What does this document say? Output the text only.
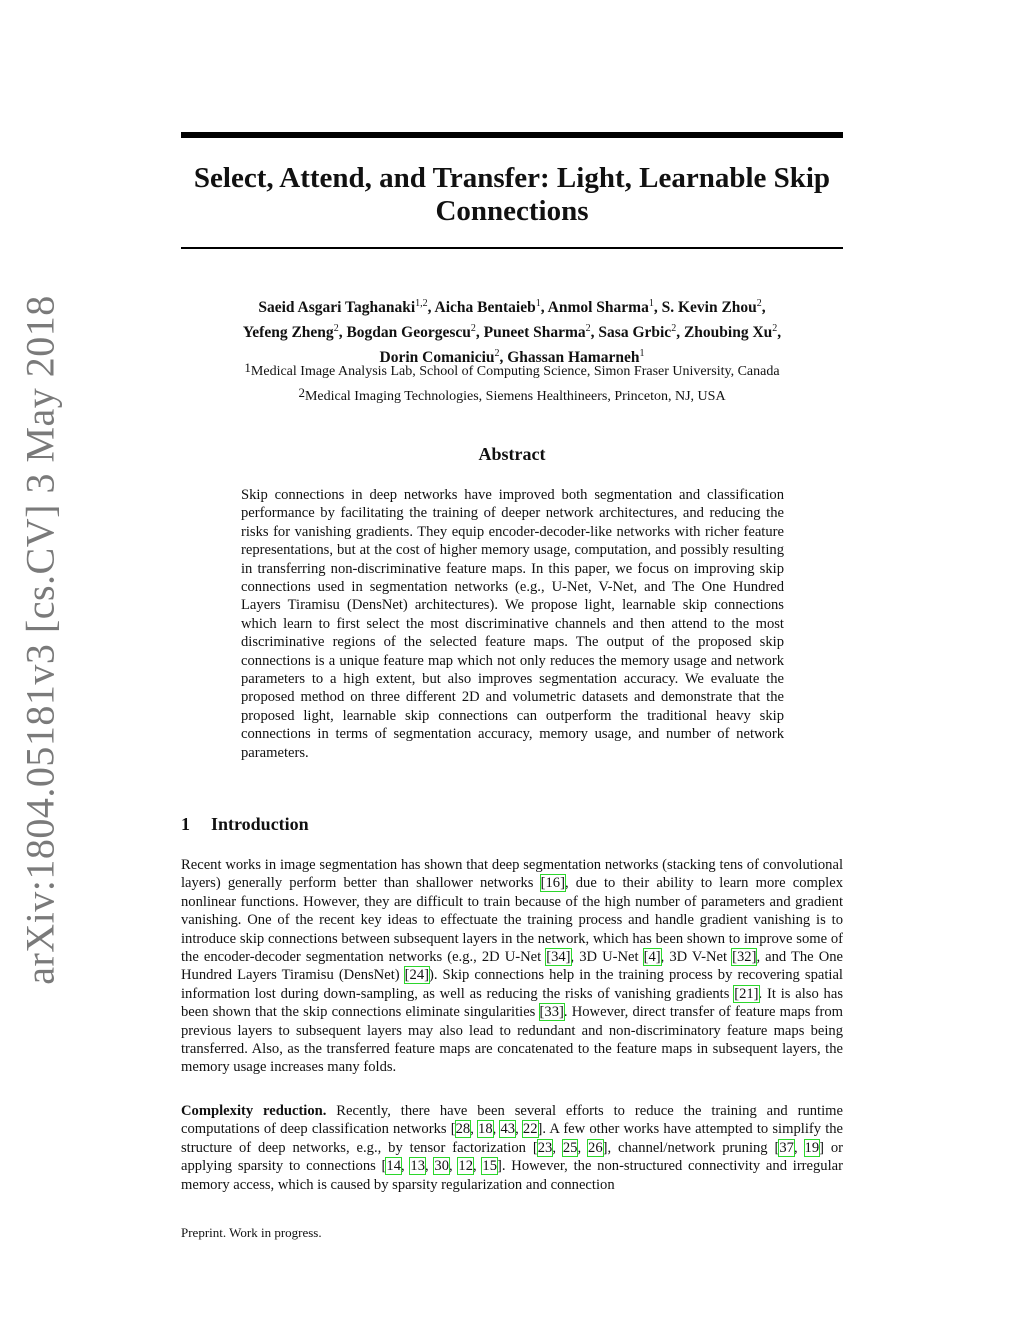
arXiv:1804.05181v3 [cs.CV] 3 May 2018
Select, Attend, and Transfer: Light, Learnable Skip
Connections
Saeid Asgari Taghanaki$^{1,2}$, Aicha Bentaieb$^1$, Anmol Sharma$^1$, S. Kevin Zhou$^2$,
Yefeng Zheng$^2$, Bogdan Georgescu$^2$, Puneet Sharma$^2$, Sasa Grbic$^2$, Zhoubing Xu$^2$,
Dorin Comaniciu$^2$, Ghassan Hamarneh$^1$
$^1$Medical Image Analysis Lab, School of Computing Science, Simon Fraser University, Canada
$^2$Medical Imaging Technologies, Siemens Healthineers, Princeton, NJ, USA
Abstract
Skip connections in deep networks have improved both segmentation and classification performance by facilitating the training of deeper network architectures, and reducing the risks for vanishing gradients. They equip encoder-decoder-like networks with richer feature representations, but at the cost of higher memory usage, computation, and possibly resulting in transferring non-discriminative feature maps. In this paper, we focus on improving skip connections used in segmentation networks (e.g., U-Net, V-Net, and The One Hundred Layers Tiramisu (DensNet) architectures). We propose light, learnable skip connections which learn to first select the most discriminative channels and then attend to the most discriminative regions of the selected feature maps. The output of the proposed skip connections is a unique feature map which not only reduces the memory usage and network parameters to a high extent, but also improves segmentation accuracy. We evaluate the proposed method on three different 2D and volumetric datasets and demonstrate that the proposed light, learnable skip connections can outperform the traditional heavy skip connections in terms of segmentation accuracy, memory usage, and number of network parameters.
1 Introduction
Recent works in image segmentation has shown that deep segmentation networks (stacking tens of convolutional layers) generally perform better than shallower networks [16], due to their ability to learn more complex nonlinear functions. However, they are difficult to train because of the high number of parameters and gradient vanishing. One of the recent key ideas to effectuate the training process and handle gradient vanishing is to introduce skip connections between subsequent layers in the network, which has been shown to improve some of the encoder-decoder segmentation networks (e.g., 2D U-Net [34], 3D U-Net [4], 3D V-Net [32], and The One Hundred Layers Tiramisu (DensNet) [24]). Skip connections help in the training process by recovering spatial information lost during down-sampling, as well as reducing the risks of vanishing gradients [21]. It is also has been shown that the skip connections eliminate singularities [33]. However, direct transfer of feature maps from previous layers to subsequent layers may also lead to redundant and non-discriminatory feature maps being transferred. Also, as the transferred feature maps are concatenated to the feature maps in subsequent layers, the memory usage increases many folds.
Complexity reduction. Recently, there have been several efforts to reduce the training and runtime computations of deep classification networks [28, 18, 43, 22]. A few other works have attempted to simplify the structure of deep networks, e.g., by tensor factorization [23, 25, 26], channel/network pruning [37, 19] or applying sparsity to connections [14, 13, 30, 12, 15]. However, the non-structured connectivity and irregular memory access, which is caused by sparsity regularization and connection
Preprint. Work in progress.
